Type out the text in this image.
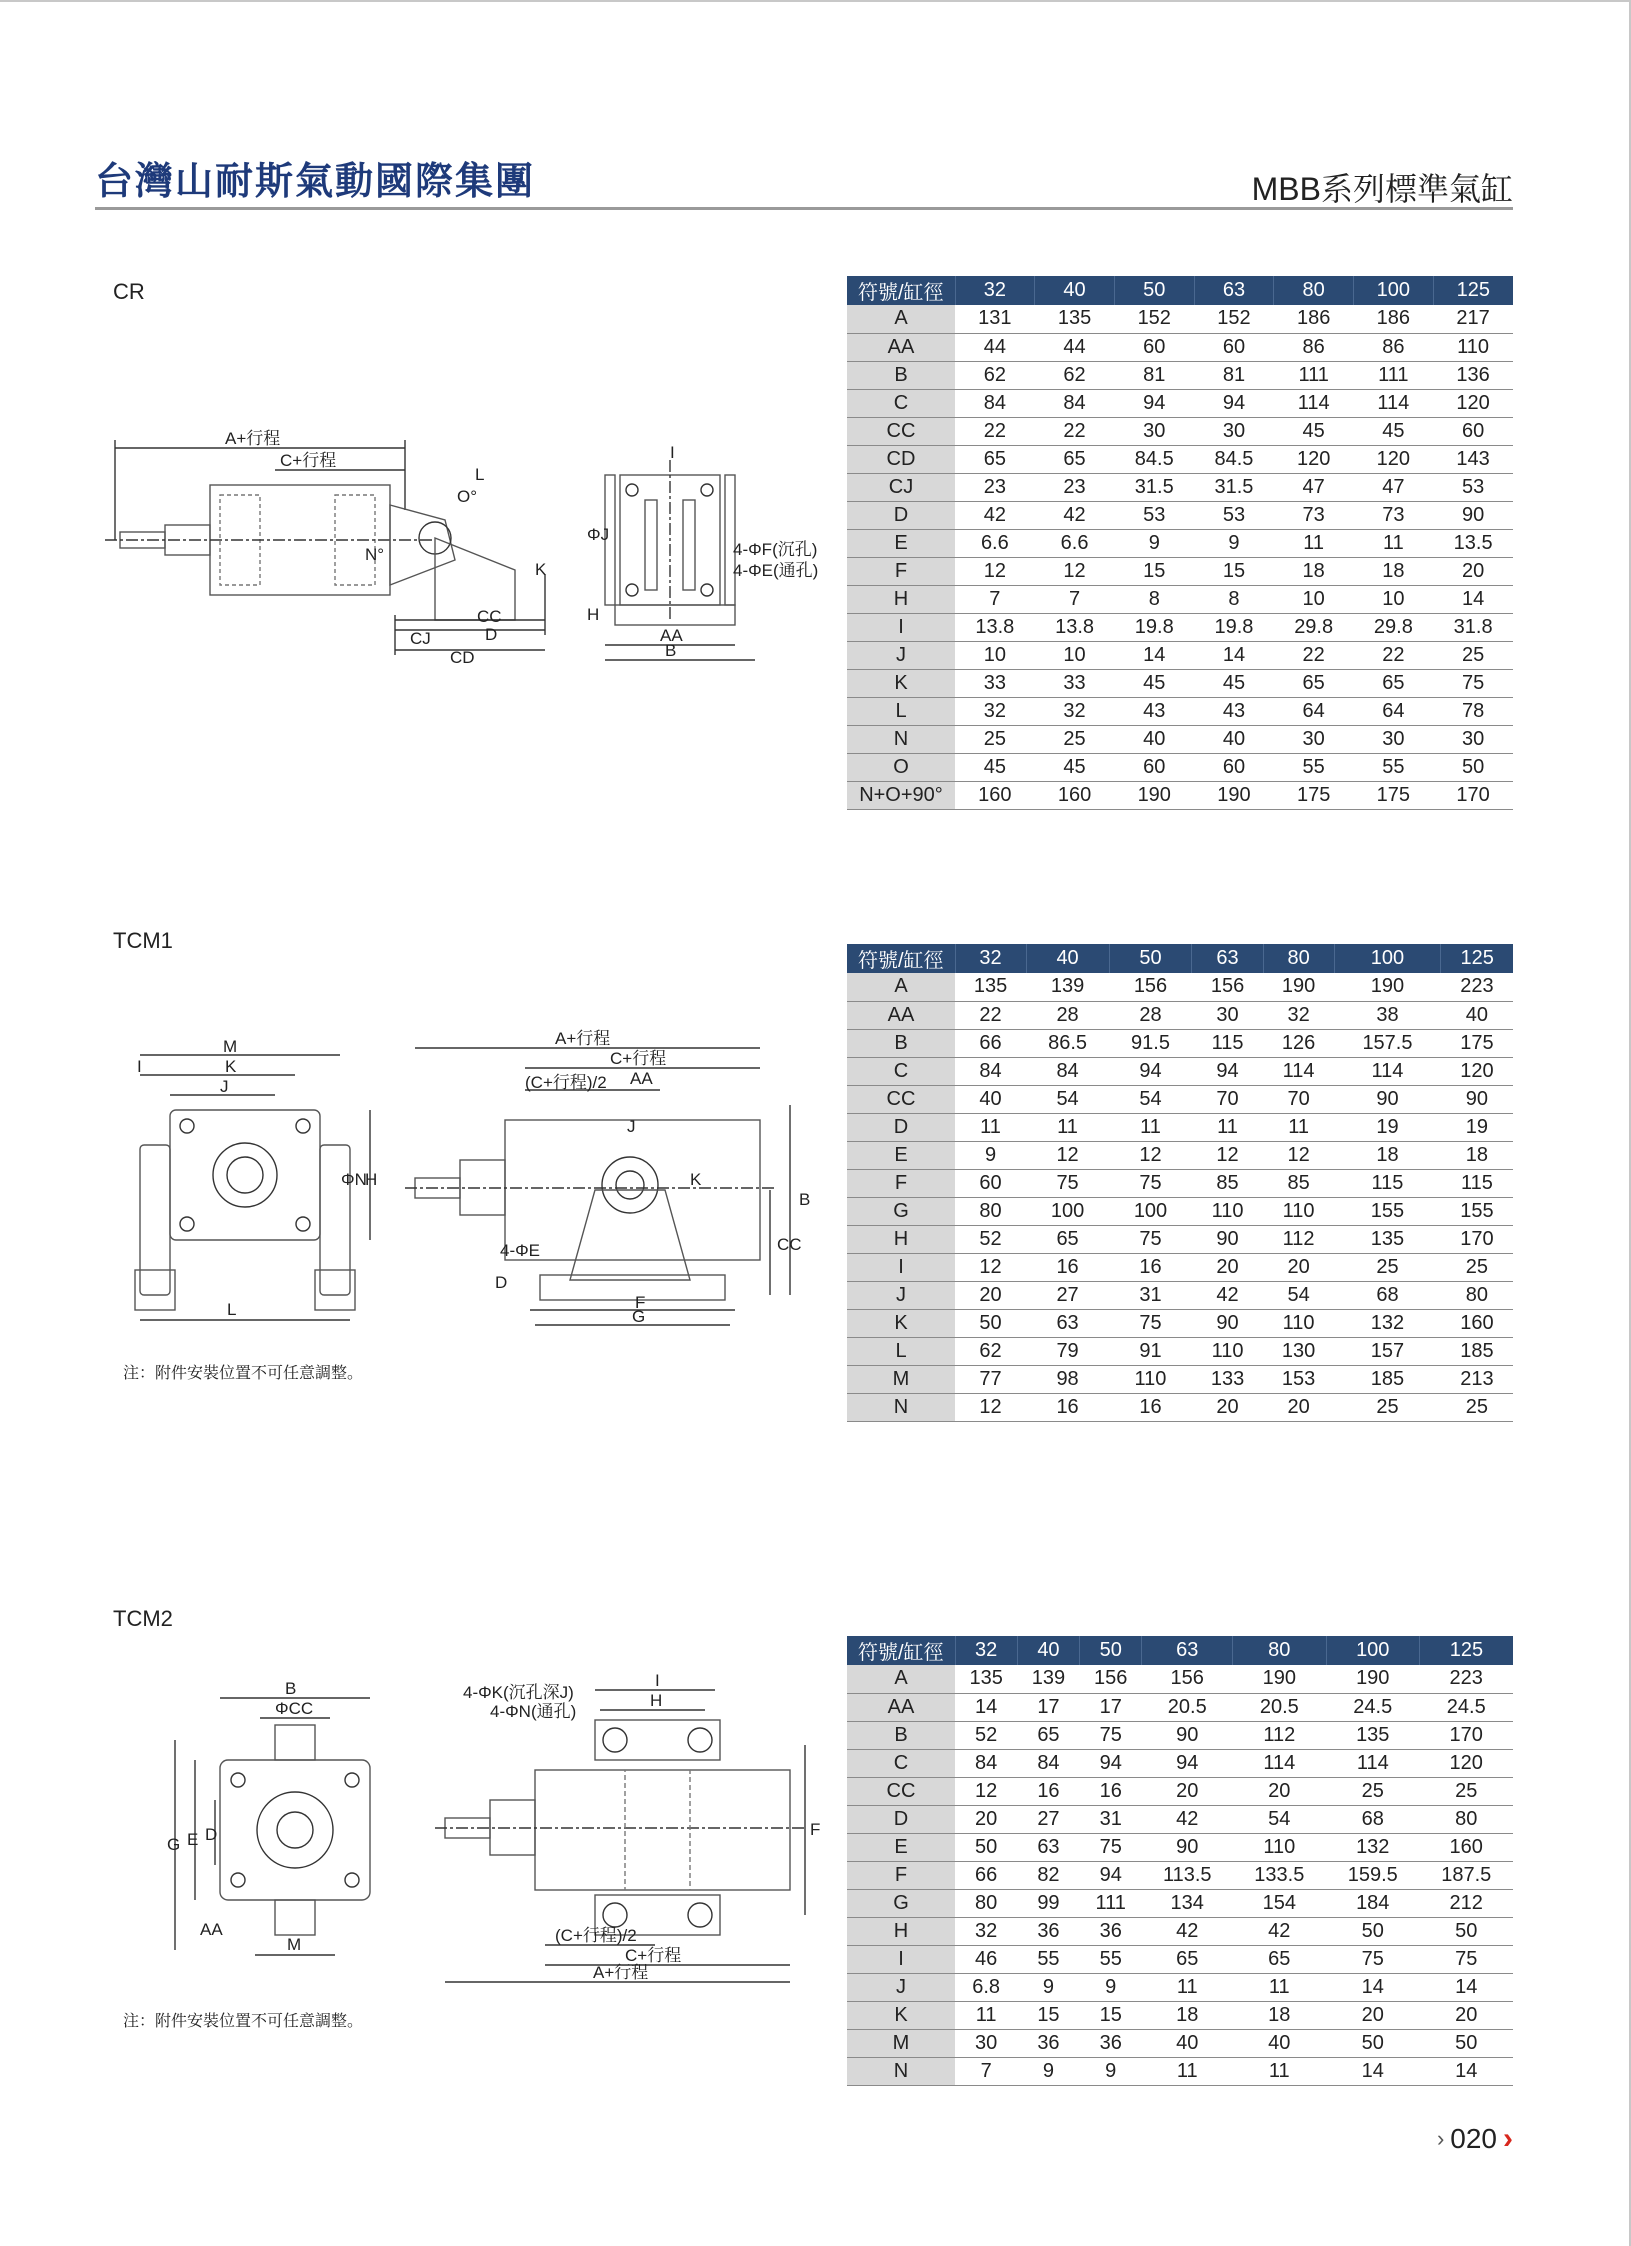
台灣山耐斯氣動國際集團	MBB系列標準氣缸
CR
A+行程
C+行程
L
O°
N°
K
CJ
CC
D
CD
I
ΦJ
H
AA
B
4-ΦF(沉孔)
4-ΦE(通孔)
符號/缸徑	32	40	50	63	80	100	125
A	131	135	152	152	186	186	217
AA	44	44	60	60	86	86	110
B	62	62	81	81	111	111	136
C	84	84	94	94	114	114	120
CC	22	22	30	30	45	45	60
CD	65	65	84.5	84.5	120	120	143
CJ	23	23	31.5	31.5	47	47	53
D	42	42	53	53	73	73	90
E	6.6	6.6	9	9	11	11	13.5
F	12	12	15	15	18	18	20
H	7	7	8	8	10	10	14
I	13.8	13.8	19.8	19.8	29.8	29.8	31.8
J	10	10	14	14	22	22	25
K	33	33	45	45	65	65	75
L	32	32	43	43	64	64	78
N	25	25	40	40	30	30	30
O	45	45	60	60	55	55	50
N+O+90°	160	160	190	190	175	175	170
TCM1
M
I	K
J
ΦN
H
L
A+行程
C+行程
AA
(C+行程)/2
J
K
B
CC
4-ΦE
D
F
G
注：附件安裝位置不可任意調整。
符號/缸徑	32	40	50	63	80	100	125
A	135	139	156	156	190	190	223
AA	22	28	28	30	32	38	40
B	66	86.5	91.5	115	126	157.5	175
C	84	84	94	94	114	114	120
CC	40	54	54	70	70	90	90
D	11	11	11	11	11	19	19
E	9	12	12	12	12	18	18
F	60	75	75	85	85	115	115
G	80	100	100	110	110	155	155
H	52	65	75	90	112	135	170
I	12	16	16	20	20	25	25
J	20	27	31	42	54	68	80
K	50	63	75	90	110	132	160
L	62	79	91	110	130	157	185
M	77	98	110	133	153	185	213
N	12	16	16	20	20	25	25
TCM2
B
ΦCC
G E D
AA
M
4-ΦK(沉孔深J)
4-ΦN(通孔)
I
H
F
(C+行程)/2
C+行程
A+行程
注：附件安裝位置不可任意調整。
符號/缸徑	32	40	50	63	80	100	125
A	135	139	156	156	190	190	223
AA	14	17	17	20.5	20.5	24.5	24.5
B	52	65	75	90	112	135	170
C	84	84	94	94	114	114	120
CC	12	16	16	20	20	25	25
D	20	27	31	42	54	68	80
E	50	63	75	90	110	132	160
F	66	82	94	113.5	133.5	159.5	187.5
G	80	99	111	134	154	184	212
H	32	36	36	42	42	50	50
I	46	55	55	65	65	75	75
J	6.8	9	9	11	11	14	14
K	11	15	15	18	18	20	20
M	30	36	36	40	40	50	50
N	7	9	9	11	11	14	14
› 020 ›
